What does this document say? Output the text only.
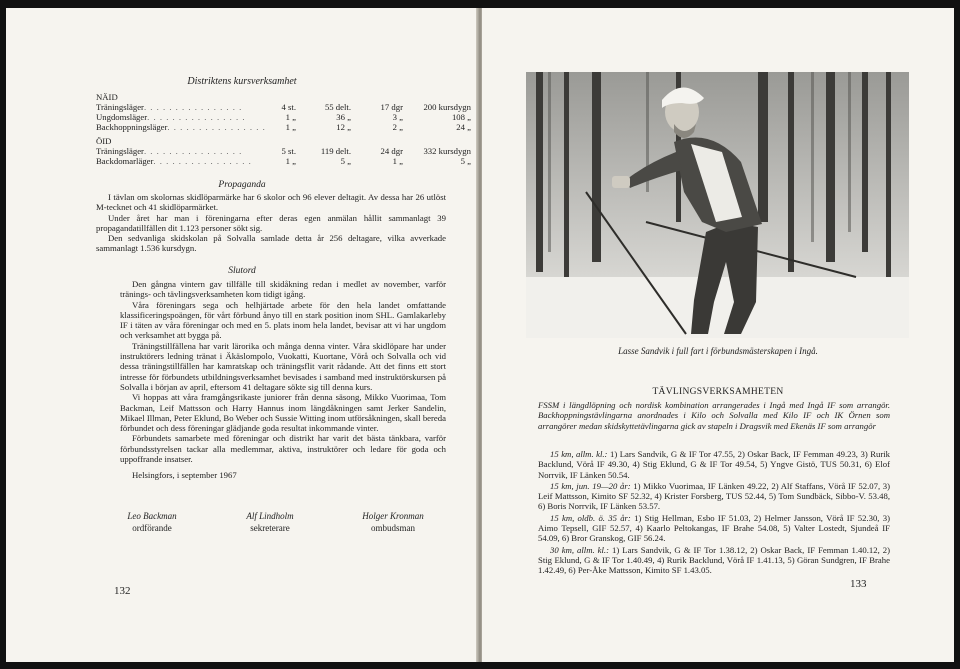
Distriktens kursverksamhet
NÄID				
Träningsläger. . . . . . . . . . . . . . . .	4 st.	55 delt.	17 dgr	200 kursdygn
Ungdomsläger. . . . . . . . . . . . . . . .	1 „	36 „	3 „	108 „
Backhoppningsläger. . . . . . . . . . . . . . . .	1 „	12 „	2 „	24 „
ÖID				
Träningsläger. . . . . . . . . . . . . . . .	5 st.	119 delt.	24 dgr	332 kursdygn
Backdomarläger. . . . . . . . . . . . . . . .	1 „	5 „	1 „	5 „
Propaganda

I tävlan om skolornas skidlöparmärke har 6 skolor och 96 elever deltagit. Av dessa har 26 utlöst M-tecknet och 41 skidlöparmärket.

Under året har man i föreningarna efter deras egen anmälan hållit sammanlagt 39 propagandatillfällen dit 1.123 personer sökt sig.

Den sedvanliga skidskolan på Solvalla samlade detta år 256 deltagare, vilka avverkade sammanlagt 1.536 kursdygn.

Slutord

Den gångna vintern gav tillfälle till skidåkning redan i medlet av november, varför tränings- och tävlingsverksamheten kom tidigt igång.

Våra föreningars sega och helhjärtade arbete för den hela landet omfattande klassificeringspoängen, för vårt förbund ånyo till en stark position inom SHL. Gamlakarleby IF i täten av våra föreningar och med en 5. plats inom hela landet, bevisar att vi har ungdom och verksamhet att bygga på.

Träningstillfällena har varit lärorika och många denna vinter. Våra skidlöpare har under instruktörers ledning tränat i Äkäslompolo, Vuokatti, Kuortane, Vörå och Solvalla och vid dessa träningstillfällen har kamratskap och träningsflit varit rådande. Att det finns ett stort intresse för förbundets utbildningsverksamhet bevisades i samband med instruktörskursen på Solvalla i början av april, eftersom 41 deltagare sökte sig till denna kurs.

Vi hoppas att våra framgångsrikaste juniorer från denna säsong, Mikko Vuorimaa, Tom Backman, Leif Mattsson och Harry Hannus inom längdåkningen samt Jerker Sandelin, Mikael Illman, Peter Eklund, Bo Weber och Sussie Witting inom utförsåkningen, skall bereda förbundet och dess föreningar glädjande goda resultat inkommande vinter.

Förbundets samarbete med föreningar och distrikt har varit det bästa tänkbara, varför förbundsstyrelsen tackar alla medlemmar, aktiva, instruktörer och ledare för goda och uppoffrande insatser.

Helsingfors, i september 1967

Leo Backman
ordförande
Alf Lindholm
sekreterare
Holger Kronman
ombudsman
132
Lasse Sandvik i full fart i förbundsmästerskapen i Ingå.
TÄVLINGSVERKSAMHETEN
FSSM i längdlöpning och nordisk kombination arrangerades i Ingå med Ingå IF som arrangör. Backhoppningstävlingarna anordnades i Kilo och Solvalla med Kilo IF och IK Örnen som arrangörer medan skidskyttetävlingarna gick av stapeln i Dragsvik med Ekenäs IF som arrangör

15 km, allm. kl.: 1) Lars Sandvik, G & IF Tor 47.55, 2) Oskar Back, IF Femman 49.23, 3) Rurik Backlund, Vörå IF 49.30, 4) Stig Eklund, G & IF Tor 49.54, 5) Yngve Gistö, TUS 50.31, 6) Elof Norrvik, IF Länken 50.54.

15 km, jun. 19—20 år: 1) Mikko Vuorimaa, IF Länken 49.22, 2) Alf Staffans, Vörå IF 52.07, 3) Leif Mattsson, Kimito SF 52.32, 4) Krister Forsberg, TUS 52.44, 5) Tom Sundbäck, Sibbo-V. 53.48, 6) Boris Norrvik, IF Länken 53.57.

15 km, oldb. ö. 35 år: 1) Stig Hellman, Esbo IF 51.03, 2) Helmer Jansson, Vörå IF 52.30, 3) Aimo Tepsell, GIF 52.57, 4) Kaarlo Peltokangas, IF Brahe 54.08, 5) Valter Lostedt, Sjundeå IF 54.09, 6) Bror Granskog, GIF 56.24.

30 km, allm. kl.: 1) Lars Sandvik, G & IF Tor 1.38.12, 2) Oskar Back, IF Femman 1.40.12, 2) Stig Eklund, G & IF Tor 1.40.49, 4) Rurik Backlund, Vörå IF 1.41.13, 5) Göran Sundgren, IF Brahe 1.42.49, 6) Per-Åke Mattsson, Kimito SF 1.43.05.

133
